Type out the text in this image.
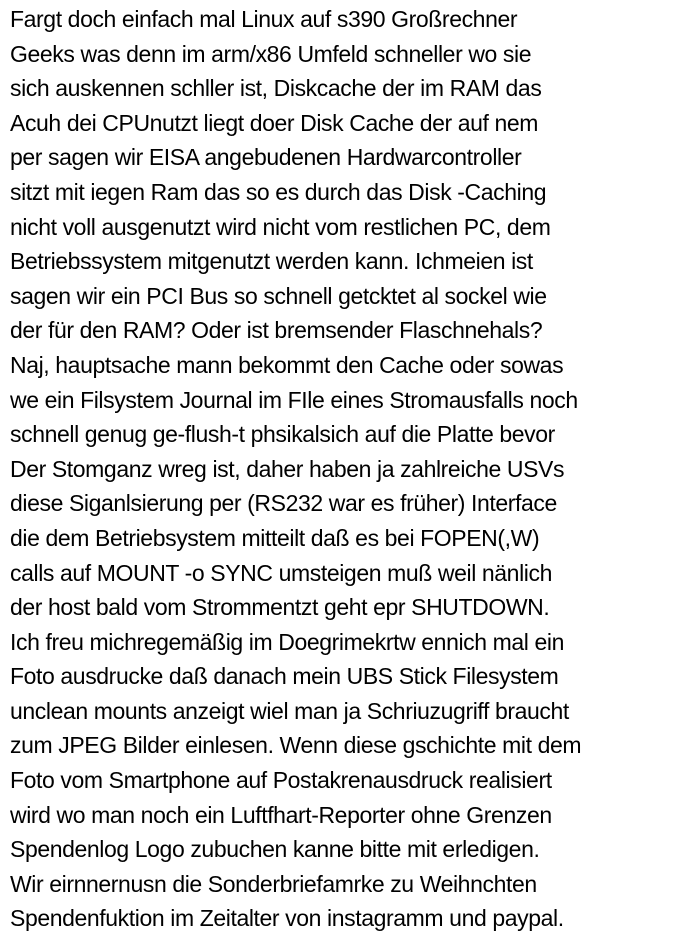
Fargt doch einfach mal Linux auf s390 Großrechner
Geeks was denn im arm/x86 Umfeld schneller wo sie
sich auskennen schller ist, Diskcache der im RAM das
Acuh dei CPUnutzt liegt doer Disk Cache der auf nem
per sagen wir EISA angebudenen Hardwarcontroller
sitzt mit iegen Ram das so es durch das Disk -Caching
nicht voll ausgenutzt wird nicht vom restlichen PC, dem
Betriebssystem mitgenutzt werden kann. Ichmeien ist
sagen wir ein PCI Bus so schnell getcktet al sockel wie
der für den RAM? Oder ist bremsender Flaschnehals?
Naj, hauptsache mann bekommt den Cache oder sowas
we ein Filsystem Journal im FIle eines Stromausfalls noch
schnell genug ge-flush-t phsikalsich auf die Platte bevor
Der Stomganz wreg ist, daher haben ja zahlreiche USVs
diese Siganlsierung per (RS232 war es früher) Interface
die dem Betriebsystem mitteilt daß es bei FOPEN(,W)
calls auf MOUNT -o SYNC umsteigen muß weil nänlich
der host bald vom Strommentzt geht epr SHUTDOWN.
Ich freu michregemäßig im Doegrimekrtw ennich mal ein
Foto ausdrucke daß danach mein UBS Stick Filesystem
unclean mounts anzeigt wiel man ja Schriuzugriff braucht
zum JPEG Bilder einlesen. Wenn diese gschichte mit dem
Foto vom Smartphone auf Postakrenausdruck realisiert
wird wo man noch ein Luftfhart-Reporter ohne Grenzen
Spendenlog Logo zubuchen kanne bitte mit erledigen.
Wir eirnnernusn die Sonderbriefamrke zu Weihnchten
Spendenfuktion im Zeitalter von instagramm und paypal.
